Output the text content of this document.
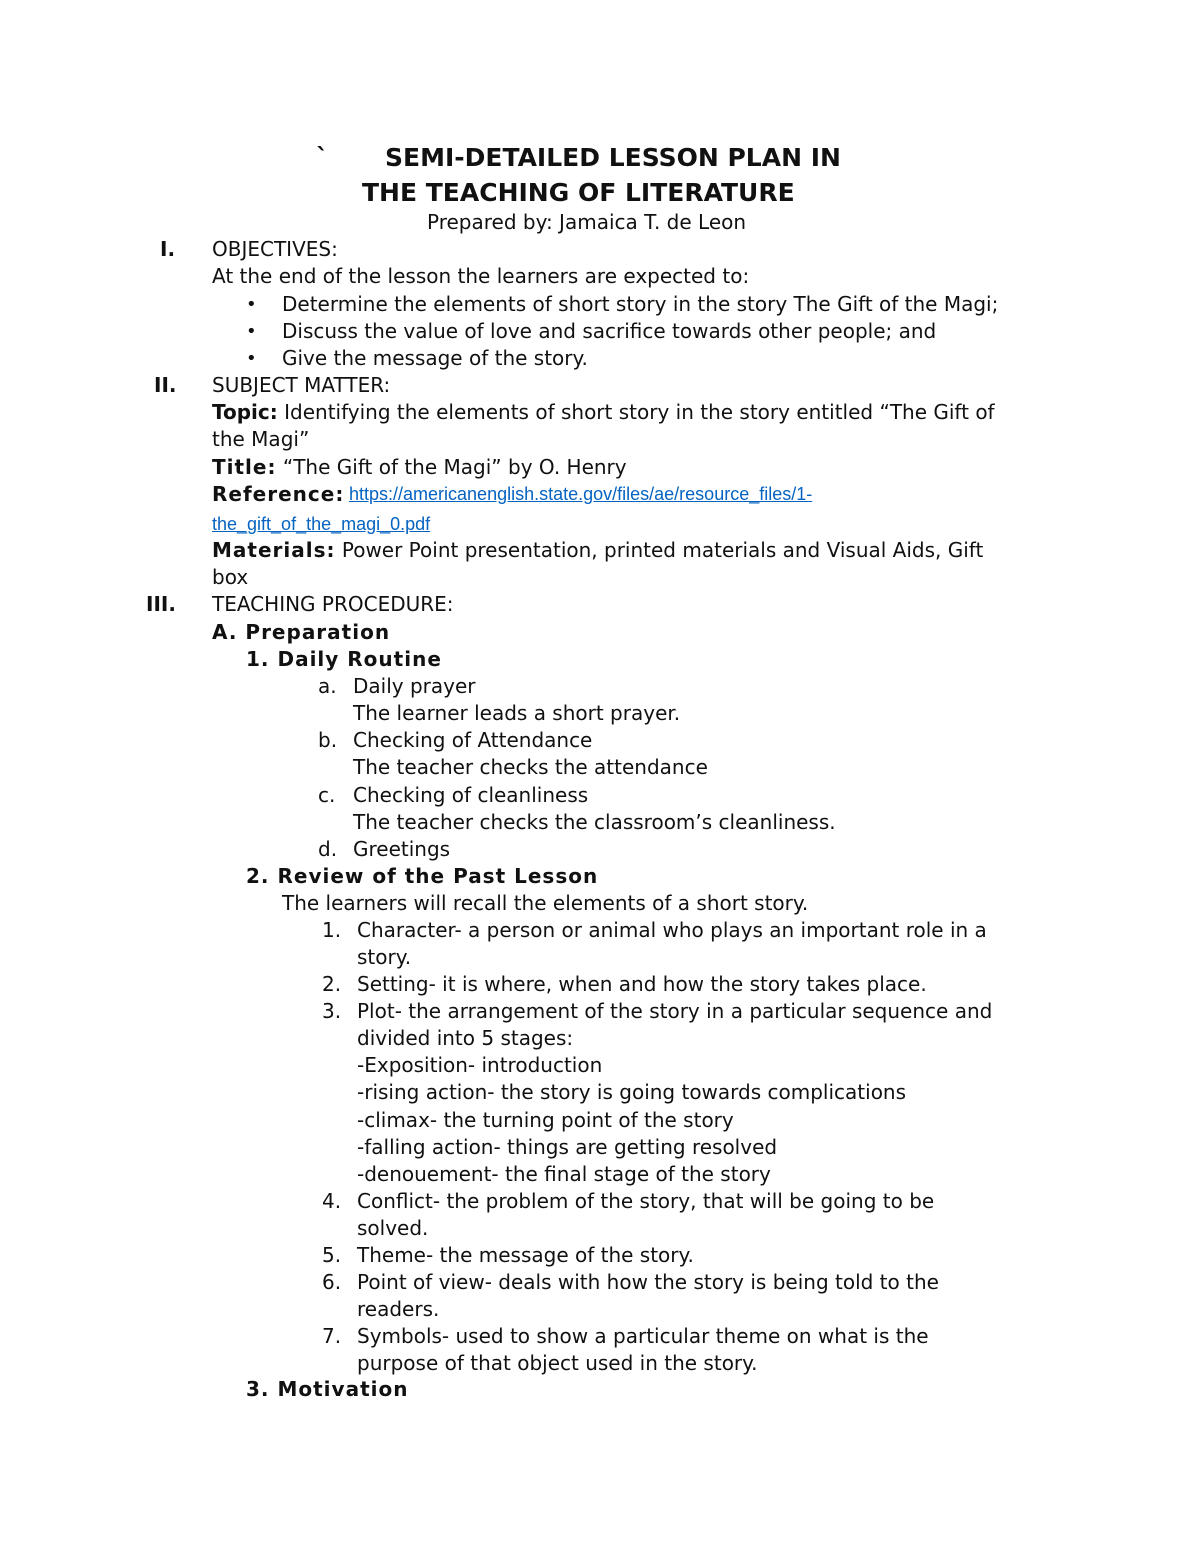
` SEMI-DETAILED LESSON PLAN IN
THE TEACHING OF LITERATURE
Prepared by: Jamaica T. de Leon
I. OBJECTIVES:
At the end of the lesson the learners are expected to:
• Determine the elements of short story in the story The Gift of the Magi;
• Discuss the value of love and sacrifice towards other people; and
• Give the message of the story.
II. SUBJECT MATTER:
Topic: Identifying the elements of short story in the story entitled “The Gift of
the Magi”
Title: “The Gift of the Magi” by O. Henry
Reference: https://americanenglish.state.gov/files/ae/resource_files/1-
the_gift_of_the_magi_0.pdf
Materials: Power Point presentation, printed materials and Visual Aids, Gift
box
III. TEACHING PROCEDURE:
A. Preparation
1. Daily Routine
a. Daily prayer
The learner leads a short prayer.
b. Checking of Attendance
The teacher checks the attendance
c. Checking of cleanliness
The teacher checks the classroom’s cleanliness.
d. Greetings
2. Review of the Past Lesson
The learners will recall the elements of a short story.
1. Character- a person or animal who plays an important role in a
story.
2. Setting- it is where, when and how the story takes place.
3. Plot- the arrangement of the story in a particular sequence and
divided into 5 stages:
-Exposition- introduction
-rising action- the story is going towards complications
-climax- the turning point of the story
-falling action- things are getting resolved
-denouement- the final stage of the story
4. Conflict- the problem of the story, that will be going to be
solved.
5. Theme- the message of the story.
6. Point of view- deals with how the story is being told to the
readers.
7. Symbols- used to show a particular theme on what is the
purpose of that object used in the story.
3. Motivation
